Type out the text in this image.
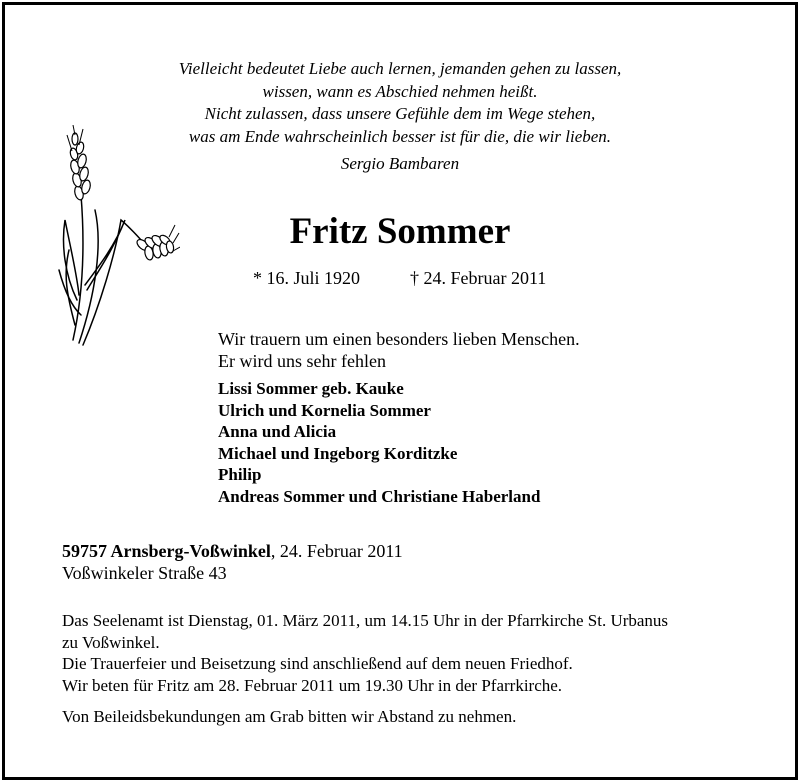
Vielleicht bedeutet Liebe auch lernen, jemanden gehen zu lassen,
wissen, wann es Abschied nehmen heißt.
Nicht zulassen, dass unsere Gefühle dem im Wege stehen,
was am Ende wahrscheinlich besser ist für die, die wir lieben.
Sergio Bambaren
Fritz Sommer
* 16. Juli 1920	† 24. Februar 2011
Wir trauern um einen besonders lieben Menschen.
Er wird uns sehr fehlen
Lissi Sommer geb. Kauke
Ulrich und Kornelia Sommer
Anna und Alicia
Michael und Ingeborg Korditzke
Philip
Andreas Sommer und Christiane Haberland
59757 Arnsberg-Voßwinkel, 24. Februar 2011
Voßwinkeler Straße 43
Das Seelenamt ist Dienstag, 01. März 2011, um 14.15 Uhr in der Pfarrkirche St. Urbanus
zu Voßwinkel.
Die Trauerfeier und Beisetzung sind anschließend auf dem neuen Friedhof.
Wir beten für Fritz am 28. Februar 2011 um 19.30 Uhr in der Pfarrkirche.
Von Beileidsbekundungen am Grab bitten wir Abstand zu nehmen.
